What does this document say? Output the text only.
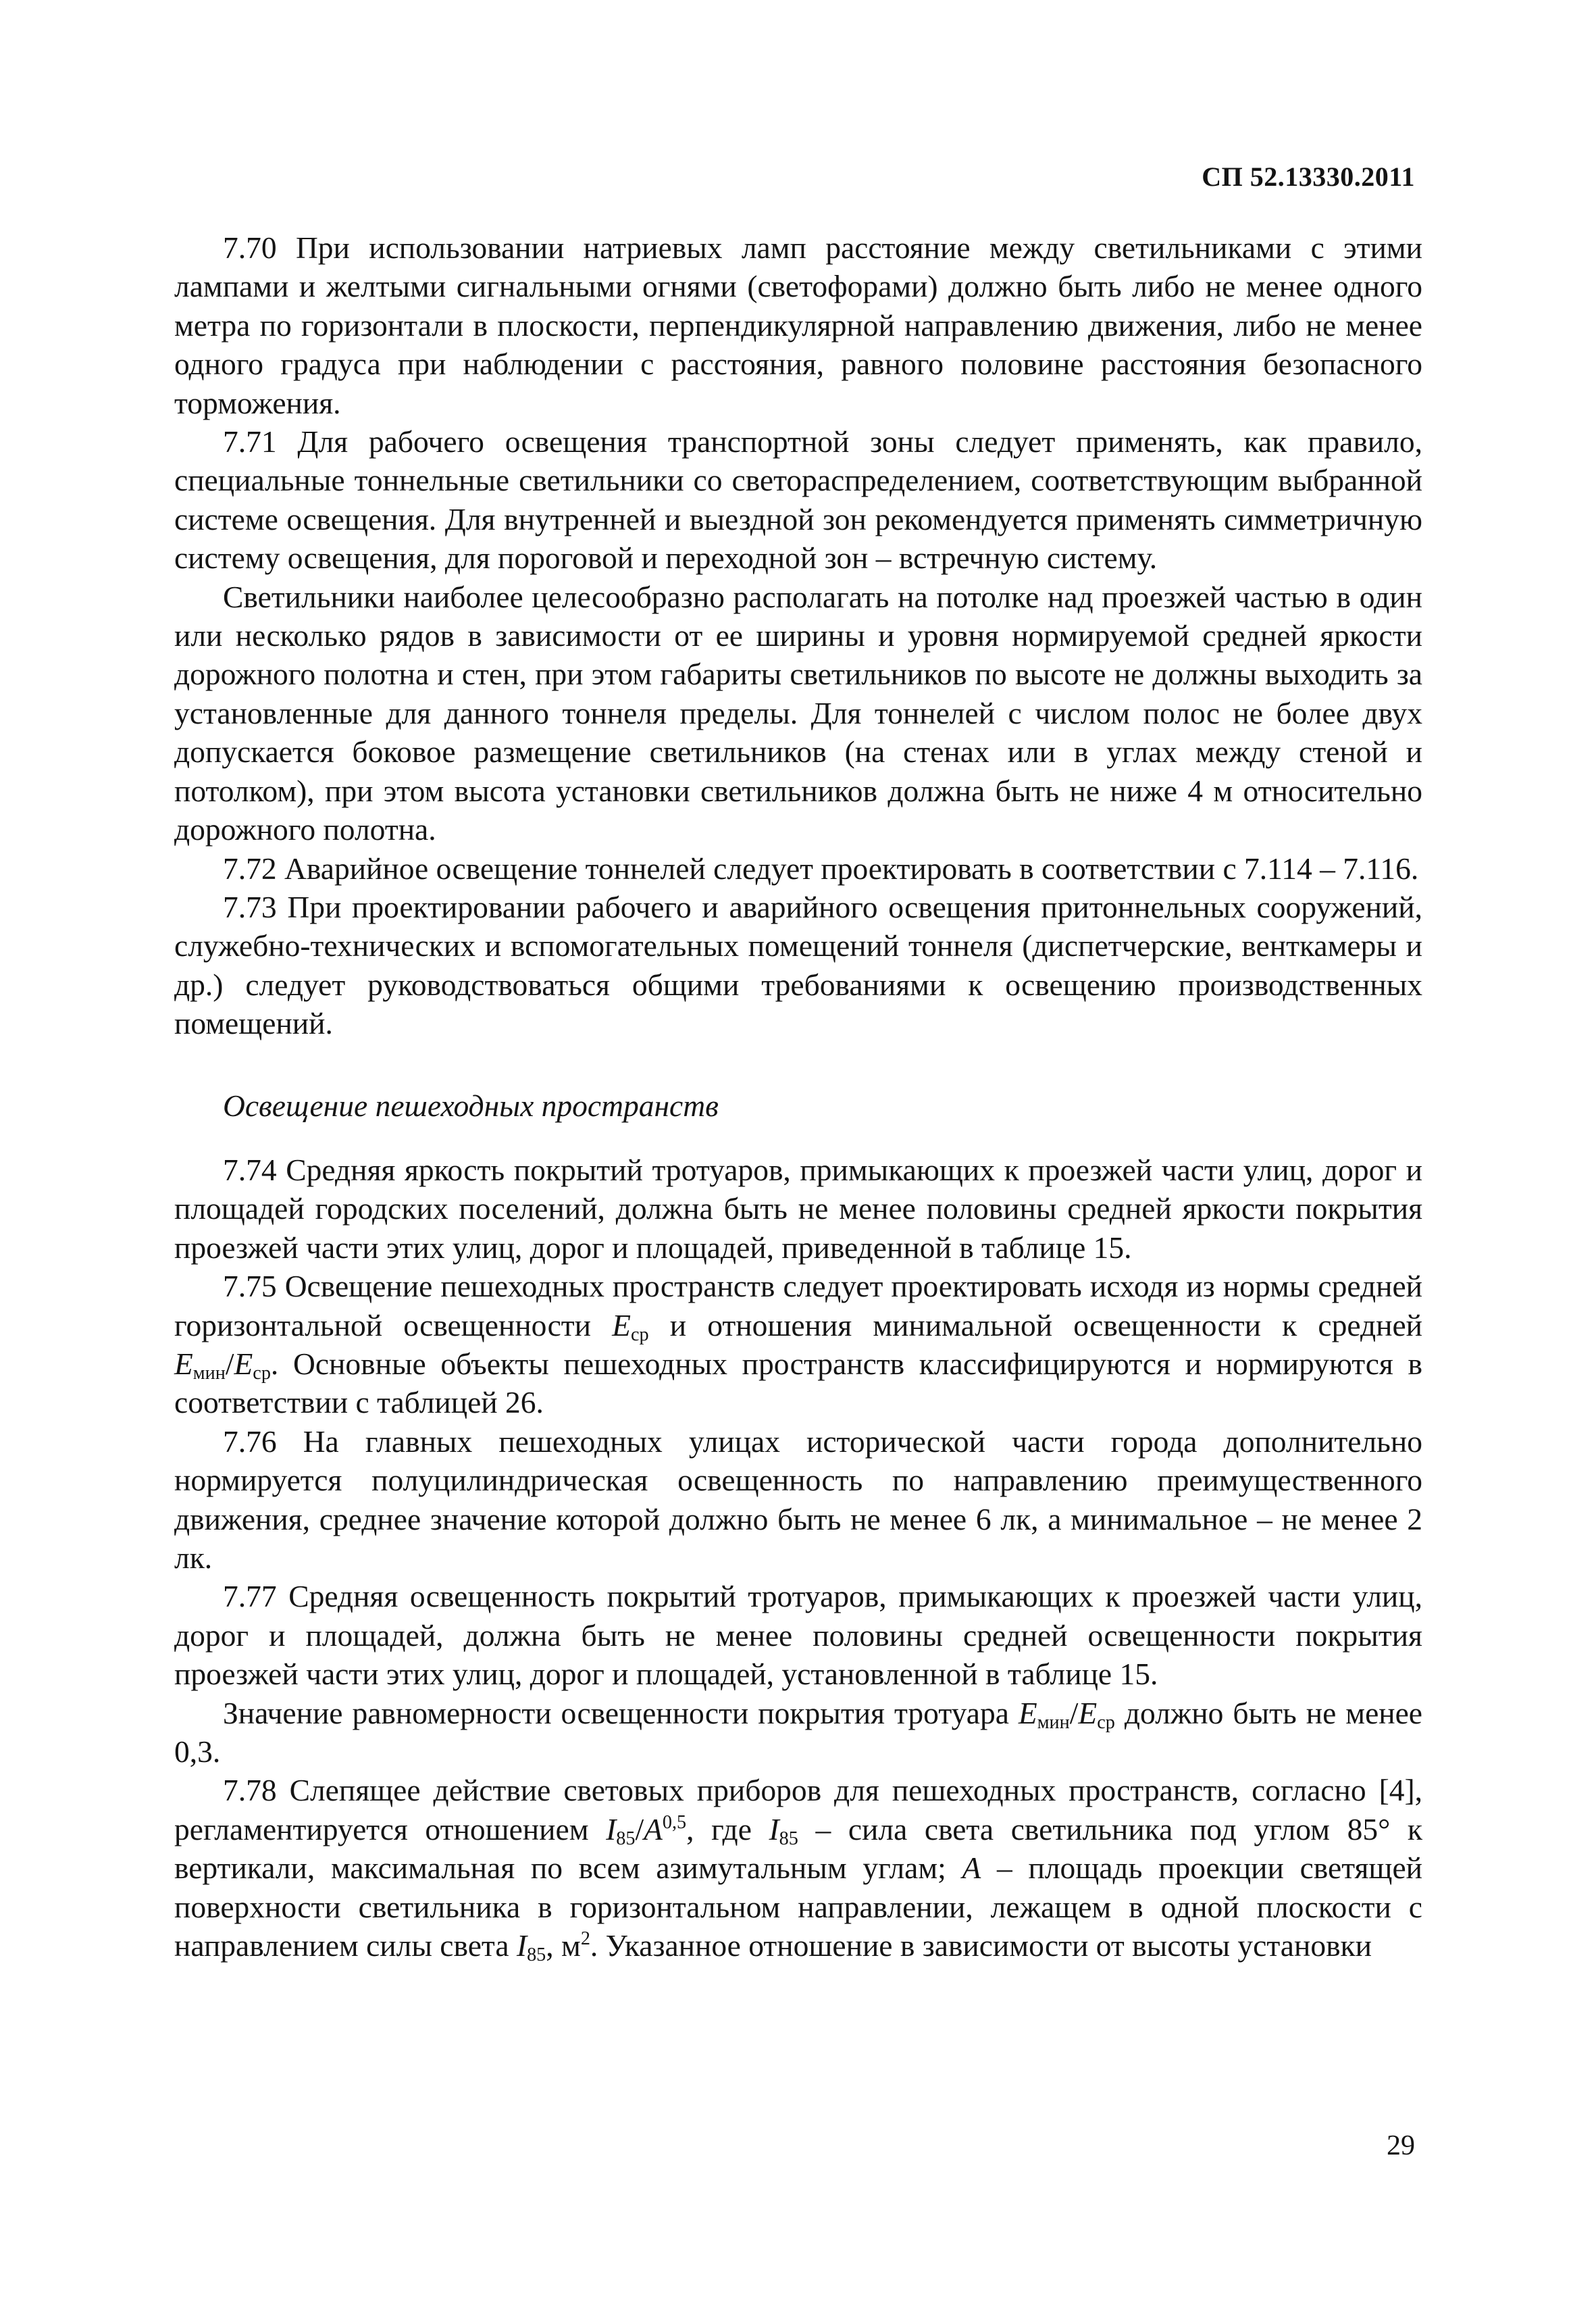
СП 52.13330.2011

7.70 При использовании натриевых ламп расстояние между светильниками с этими лампами и желтыми сигнальными огнями (светофорами) должно быть либо не менее одного метра по горизонтали в плоскости, перпендикулярной направлению движения, либо не менее одного градуса при наблюдении с расстояния, равного половине расстояния безопасного торможения.

7.71 Для рабочего освещения транспортной зоны следует применять, как правило, специальные тоннельные светильники со светораспределением, соответствующим выбранной системе освещения. Для внутренней и выездной зон рекомендуется применять симметричную систему освещения, для пороговой и переходной зон – встречную систему.

Светильники наиболее целесообразно располагать на потолке над проезжей частью в один или несколько рядов в зависимости от ее ширины и уровня нормируемой средней яркости дорожного полотна и стен, при этом габариты светильников по высоте не должны выходить за установленные для данного тоннеля пределы. Для тоннелей с числом полос не более двух допускается боковое размещение светильников (на стенах или в углах между стеной и потолком), при этом высота установки светильников должна быть не ниже 4 м относительно дорожного полотна.

7.72 Аварийное освещение тоннелей следует проектировать в соответствии с 7.114 – 7.116.

7.73 При проектировании рабочего и аварийного освещения притоннельных сооружений, служебно-технических и вспомогательных помещений тоннеля (диспетчерские, венткамеры и др.) следует руководствоваться общими требованиями к освещению производственных помещений.

Освещение пешеходных пространств

7.74 Средняя яркость покрытий тротуаров, примыкающих к проезжей части улиц, дорог и площадей городских поселений, должна быть не менее половины средней яркости покрытия проезжей части этих улиц, дорог и площадей, приведенной в таблице 15.

7.75 Освещение пешеходных пространств следует проектировать исходя из нормы средней горизонтальной освещенности $E_{ср}$ и отношения минимальной освещенности к средней $E_{мин}/E_{ср}$. Основные объекты пешеходных пространств классифицируются и нормируются в соответствии с таблицей 26.

7.76 На главных пешеходных улицах исторической части города дополнительно нормируется полуцилиндрическая освещенность по направлению преимущественного движения, среднее значение которой должно быть не менее 6 лк, а минимальное – не менее 2 лк.

7.77 Средняя освещенность покрытий тротуаров, примыкающих к проезжей части улиц, дорог и площадей, должна быть не менее половины средней освещенности покрытия проезжей части этих улиц, дорог и площадей, установленной в таблице 15.

Значение равномерности освещенности покрытия тротуара $E_{мин}/E_{ср}$ должно быть не менее 0,3.

7.78 Слепящее действие световых приборов для пешеходных пространств, согласно [4], регламентируется отношением $I_{85}/A^{0,5}$, где $I_{85}$ – сила света светильника под углом 85° к вертикали, максимальная по всем азимутальным углам; A – площадь проекции светящей поверхности светильника в горизонтальном направлении, лежащем в одной плоскости с направлением силы света $I_{85}$, $м^2$. Указанное отношение в зависимости от высоты установки

29
